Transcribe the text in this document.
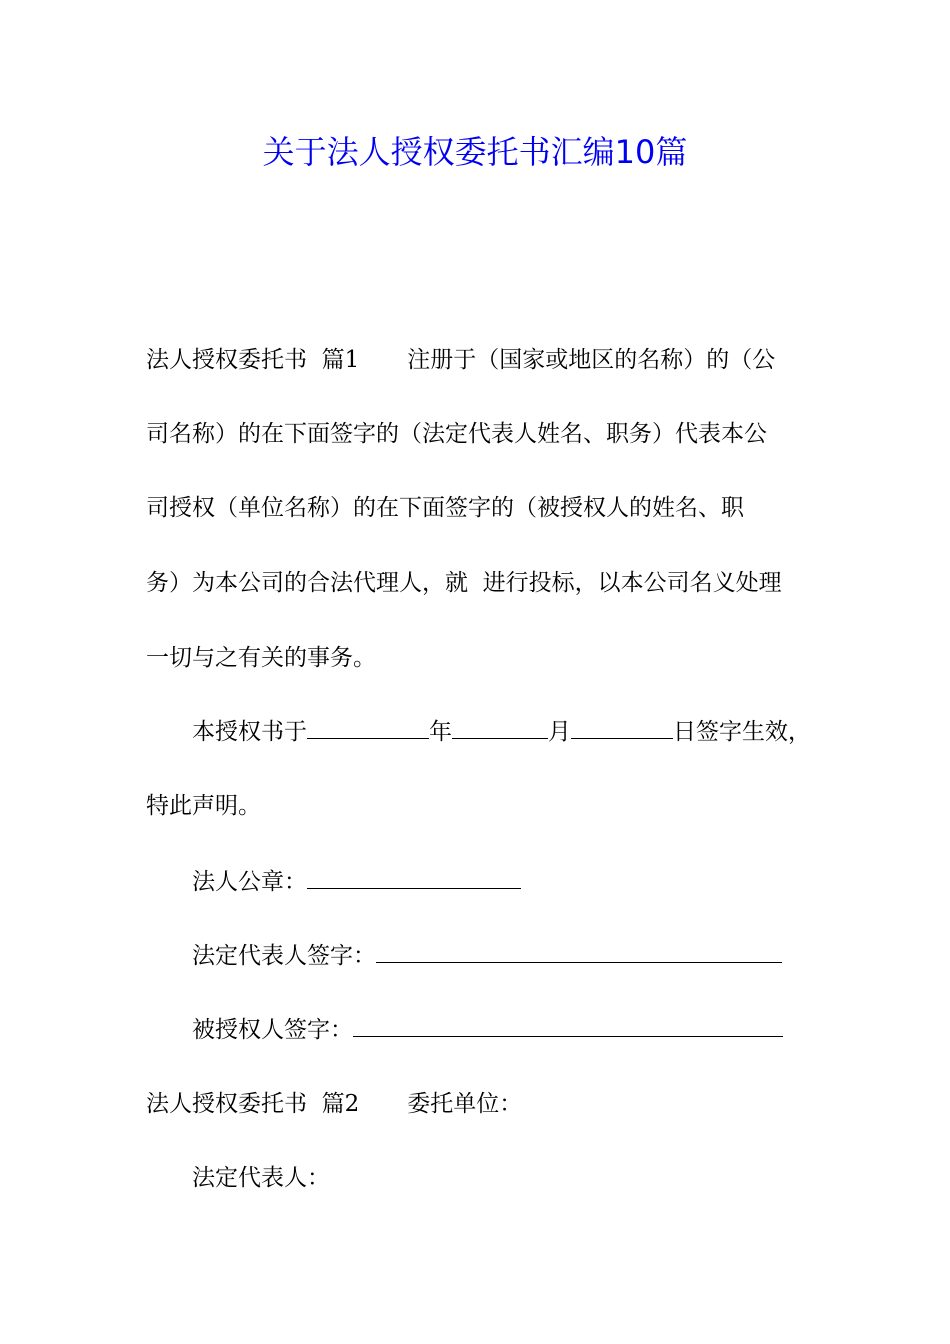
关于法人授权委托书汇编10篇
法人授权委托书  篇1 注册于（国家或地区的名称）的（公
司名称）的在下面签字的（法定代表人姓名、职务）代表本公
司授权（单位名称）的在下面签字的（被授权人的姓名、职
务）为本公司的合法代理人，就  进行投标，以本公司名义处理
一切与之有关的事务。
本授权书于	年	月	日签字生效，
特此声明。
法人公章：
法定代表人签字：
被授权人签字：
法人授权委托书  篇2 委托单位：
法定代表人：
